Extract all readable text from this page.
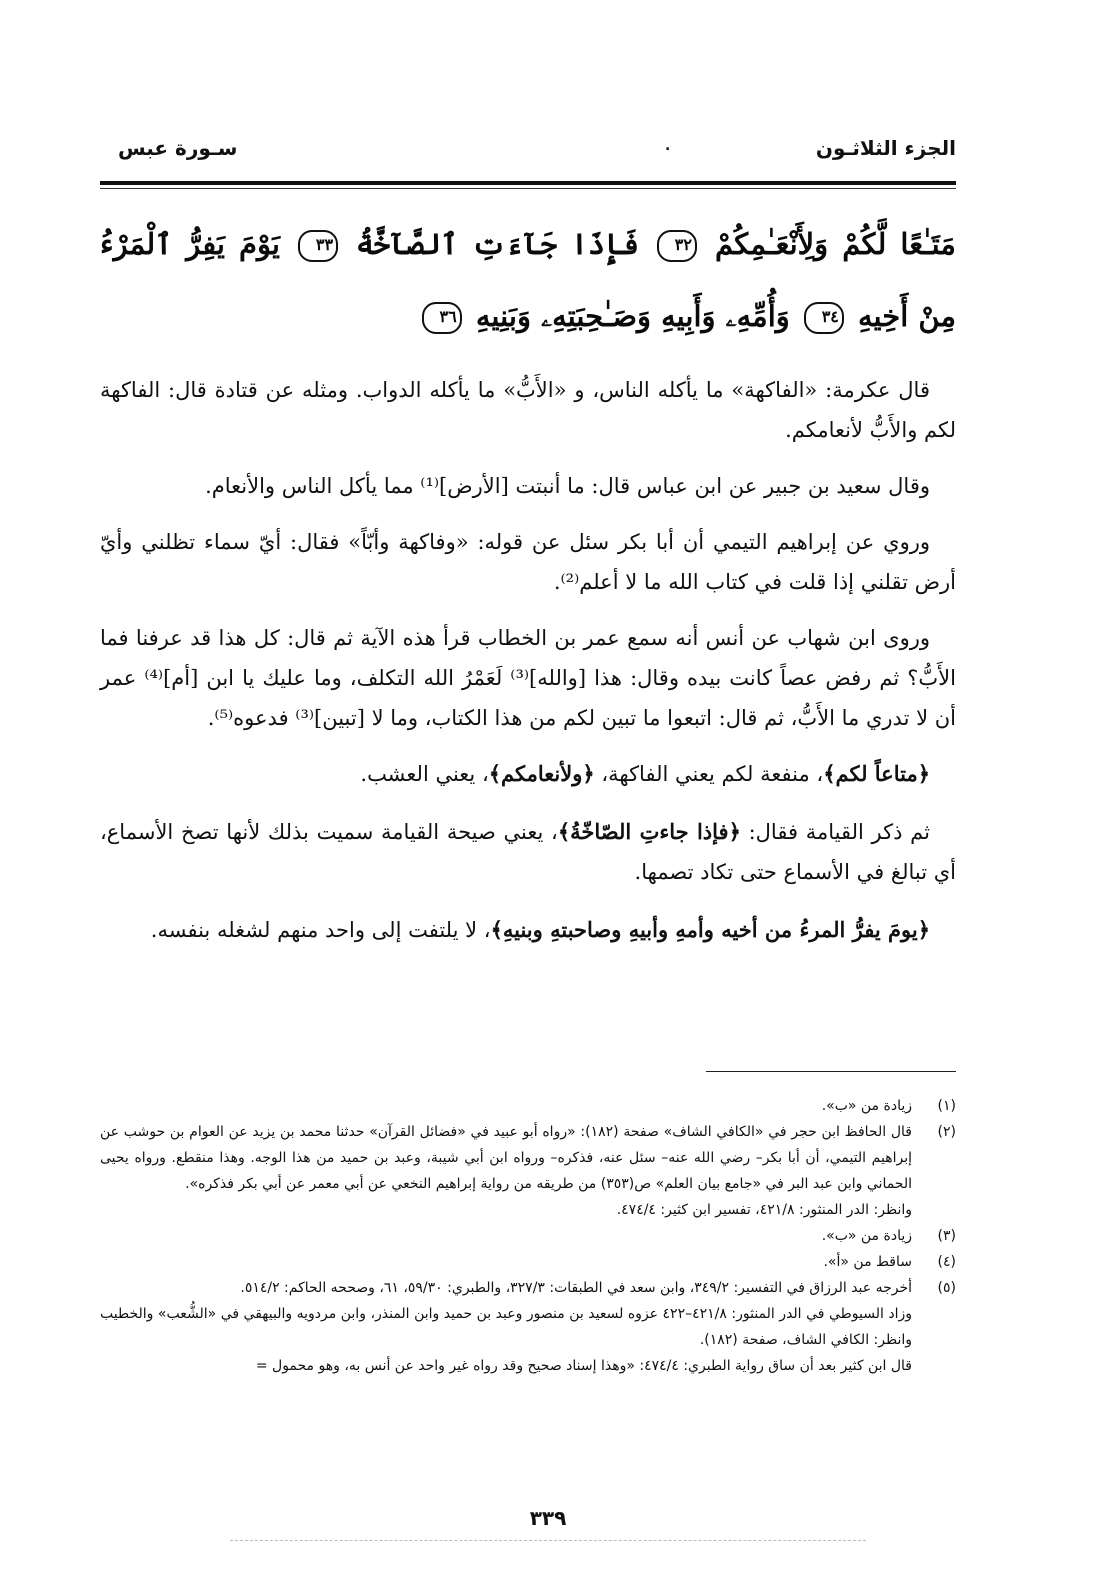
الجزء الثلاثـون
.
سـورة عبس
مَتَـٰعًا لَّكُمْ وَلِأَنْعَـٰمِكُمْ ٣٢ فَإِذَا جَآءَتِ ٱلصَّآخَّةُ ٣٣ يَوْمَ يَفِرُّ ٱلْمَرْءُ مِنْ أَخِيهِ ٣٤ وَأُمِّهِۦ وَأَبِيهِ وَصَـٰحِبَتِهِۦ وَبَنِيهِ ٣٦

قال عكرمة: «الفاكهة» ما يأكله الناس، و «الأَبُّ» ما يأكله الدواب. ومثله عن قتادة قال: الفاكهة لكم والأَبُّ لأنعامكم.

وقال سعيد بن جبير عن ابن عباس قال: ما أنبتت [الأرض]⁽¹⁾ مما يأكل الناس والأنعام.

وروي عن إبراهيم التيمي أن أبا بكر سئل عن قوله: «وفاكهة وأبّاً» فقال: أيّ سماء تظلني وأيّ أرض تقلني إذا قلت في كتاب الله ما لا أعلم⁽²⁾.

وروى ابن شهاب عن أنس أنه سمع عمر بن الخطاب قرأ هذه الآية ثم قال: كل هذا قد عرفنا فما الأَبُّ؟ ثم رفض عصاً كانت بيده وقال: هذا [والله]⁽³⁾ لَعَمْرُ الله التكلف، وما عليك يا ابن [أم]⁽⁴⁾ عمر أن لا تدري ما الأَبُّ، ثم قال: اتبعوا ما تبين لكم من هذا الكتاب، وما لا [تبين]⁽³⁾ فدعوه⁽⁵⁾.

﴿متاعاً لكم﴾، منفعة لكم يعني الفاكهة، ﴿ولأنعامكم﴾، يعني العشب.

ثم ذكر القيامة فقال: ﴿فإذا جاءتِ الصّاخّةُ﴾، يعني صيحة القيامة سميت بذلك لأنها تصخ الأسماع، أي تبالغ في الأسماع حتى تكاد تصمها.

﴿يومَ يفرُّ المرءُ من أخيه وأمهِ وأبيهِ وصاحبتهِ وبنيهِ﴾، لا يلتفت إلى واحد منهم لشغله بنفسه.

(١)

زيادة من «ب».

(٢)

قال الحافظ ابن حجر في «الكافي الشاف» صفحة (١٨٢): «رواه أبو عبيد في «فضائل القرآن» حدثنا محمد بن يزيد عن العوام بن حوشب عن إبراهيم التيمي، أن أبا بكر– رضي الله عنه– سئل عنه، فذكره– ورواه ابن أبي شيبة، وعبد بن حميد من هذا الوجه. وهذا منقطع. ورواه يحيى الحماني وابن عبد البر في «جامع بيان العلم» ص(٣٥٣) من طريقه من رواية إبراهيم النخعي عن أبي معمر عن أبي بكر فذكره».

وانظر: الدر المنثور: ٤٢١/٨، تفسير ابن كثير: ٤٧٤/٤.

(٣)

زيادة من «ب».

(٤)

ساقط من «أ».

(٥)

أخرجه عبد الرزاق في التفسير: ٣٤٩/٢، وابن سعد في الطبقات: ٣٢٧/٣، والطبري: ٥٩/٣٠، ٦١، وصححه الحاكم: ٥١٤/٢.

وزاد السيوطي في الدر المنثور: ٤٢١/٨–٤٢٢ عزوه لسعيد بن منصور وعبد بن حميد وابن المنذر، وابن مردويه والبيهقي في «الشُّعب» والخطيب وانظر: الكافي الشاف، صفحة (١٨٢).

قال ابن كثير بعد أن ساق رواية الطبري: ٤٧٤/٤: «وهذا إسناد صحيح وقد رواه غير واحد عن أنس به، وهو محمول =

٣٣٩
